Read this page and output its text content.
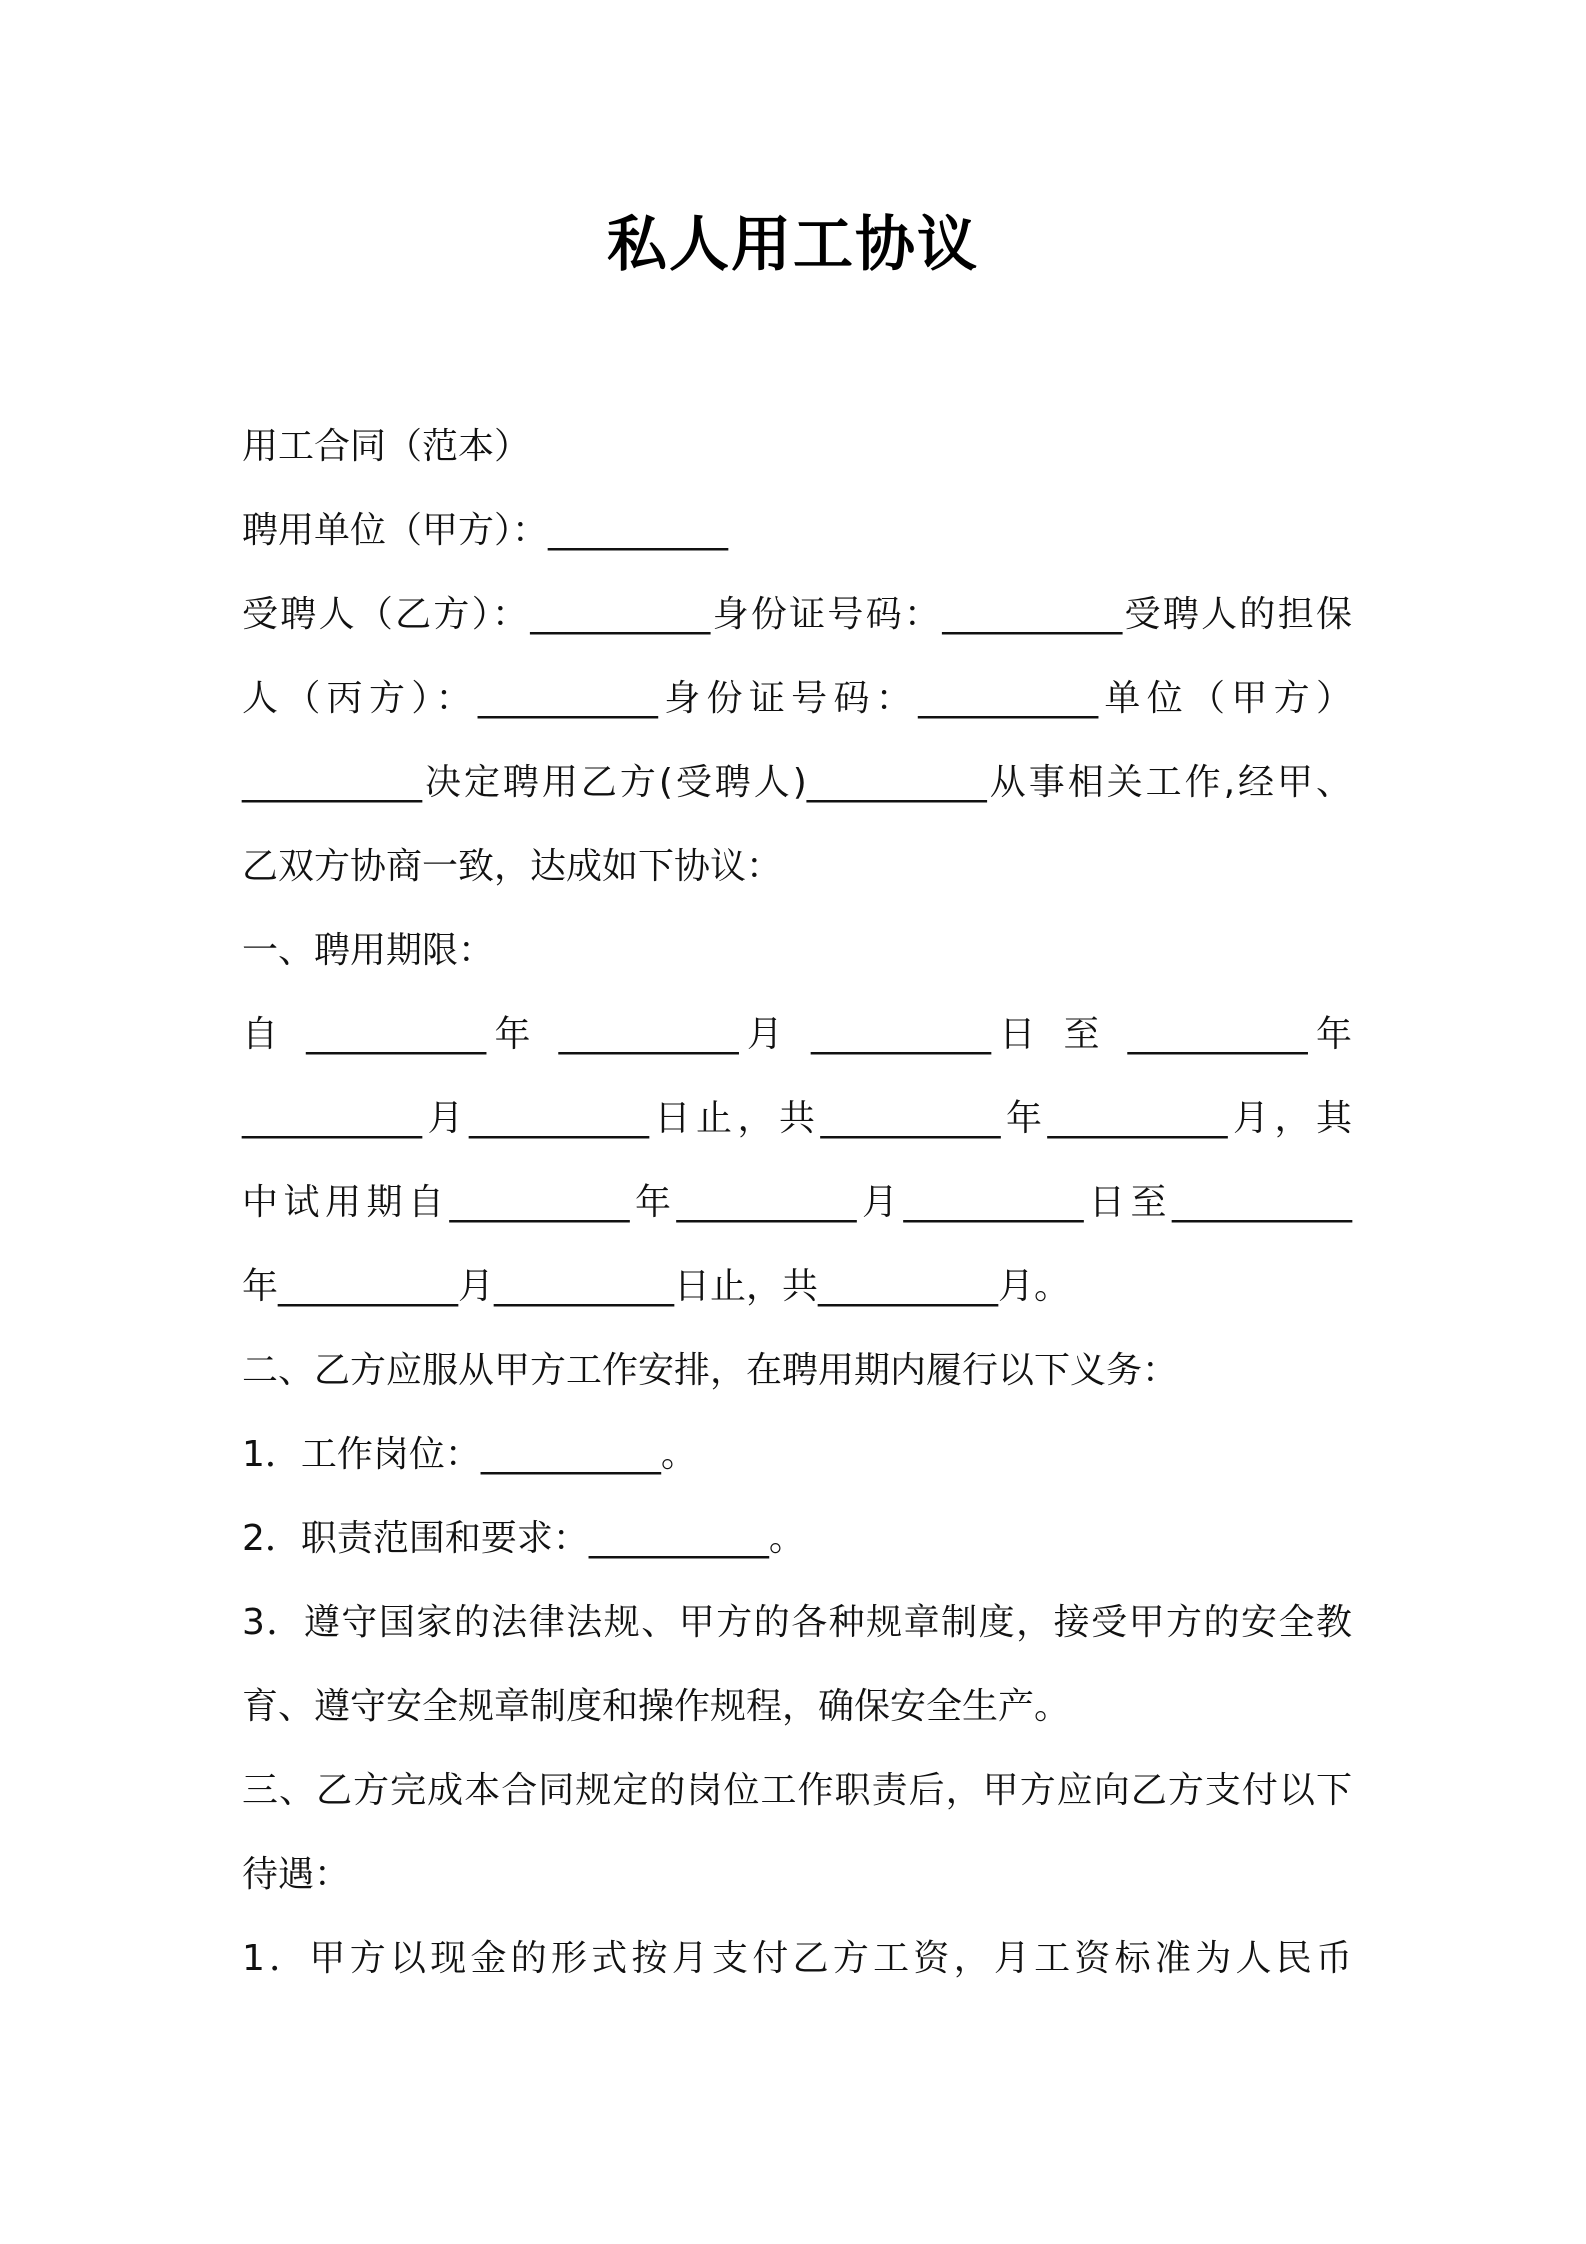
私人用工协议

用工合同（范本）

聘用单位（甲方）：__________

受聘人（乙方）：__________身份证号码：__________受聘人的担保

人（丙方）：__________身份证号码：__________单位（甲方）

__________决定聘用乙方(受聘人)__________从事相关工作,经甲、

乙双方协商一致，达成如下协议：

一、聘用期限：

自 __________年 __________月 __________日 至 __________年

__________月__________日止，共__________年__________月，其

中试用期自__________年__________月__________日至__________

年__________月__________日止，共__________月。

二、乙方应服从甲方工作安排，在聘用期内履行以下义务：

1．工作岗位：__________。

2．职责范围和要求：__________。

3．遵守国家的法律法规、甲方的各种规章制度，接受甲方的安全教

育、遵守安全规章制度和操作规程，确保安全生产。

三、乙方完成本合同规定的岗位工作职责后，甲方应向乙方支付以下

待遇：

1．甲方以现金的形式按月支付乙方工资，月工资标准为人民币
